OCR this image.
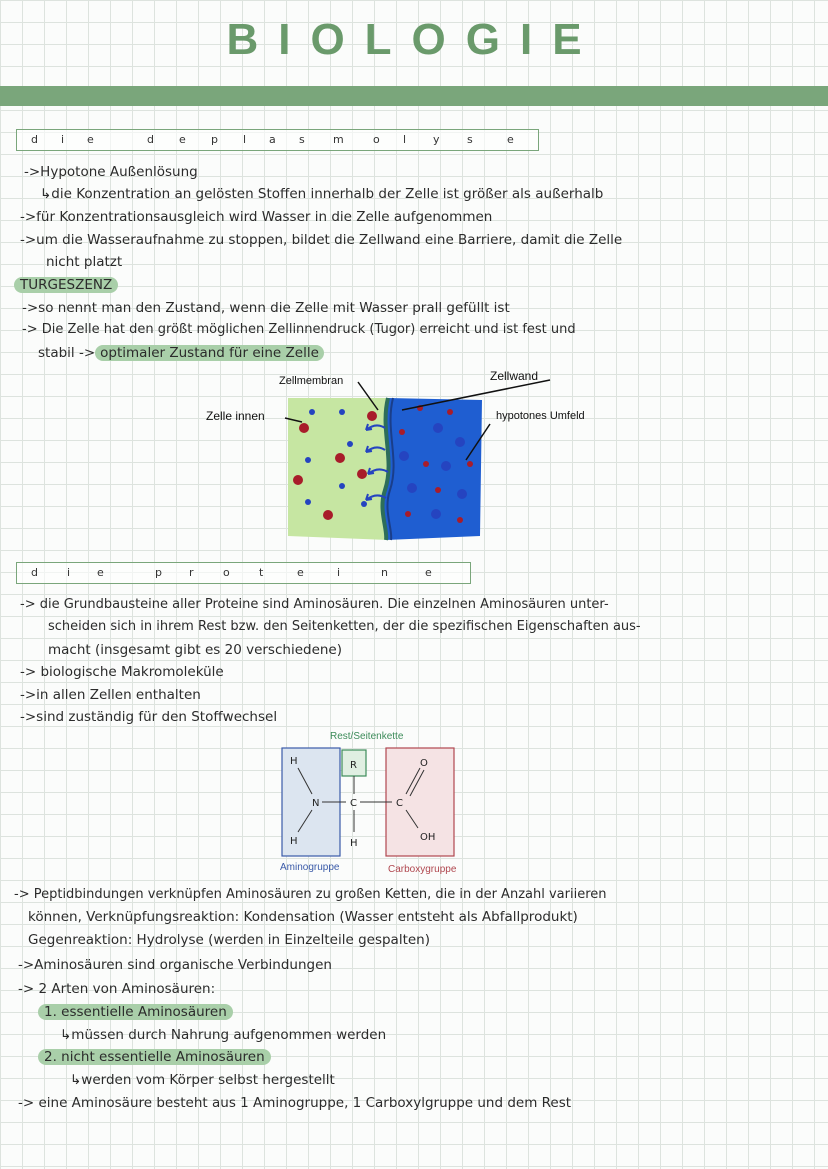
BIOLOGIE
d i e	d e p l a s	m	o l y s	e
->Hypotone Außenlösung
↳die Konzentration an gelösten Stoffen innerhalb der Zelle ist größer als außerhalb
->für Konzentrationsausgleich wird Wasser in die Zelle aufgenommen
->um die Wasseraufnahme zu stoppen, bildet die Zellwand eine Barriere, damit die Zelle
nicht platzt
TURGESZENZ
->so nennt man den Zustand, wenn die Zelle mit Wasser prall gefüllt ist
-> Die Zelle hat den größt möglichen Zellinnendruck (Tugor) erreicht und ist fest und
stabil -> optimaler Zustand für eine Zelle
Zellmembran	Zellwand
Zelle innen	hypotones Umfeld
d	i e	p r	o	t	e	i	n	e
-> die Grundbausteine aller Proteine sind Aminosäuren. Die einzelnen Aminosäuren unter-
scheiden sich in ihrem Rest bzw. den Seitenketten, der die spezifischen Eigenschaften aus-
macht (insgesamt gibt es 20 verschiedene)
-> biologische Makromoleküle
->in allen Zellen enthalten
->sind zuständig für den Stoffwechsel
Rest/Seitenkette
H
N
H
R
C
H
C
O
OH
Aminogruppe	Carboxygruppe
-> Peptidbindungen verknüpfen Aminosäuren zu großen Ketten, die in der Anzahl variieren
können, Verknüpfungsreaktion: Kondensation (Wasser entsteht als Abfallprodukt)
Gegenreaktion: Hydrolyse (werden in Einzelteile gespalten)
->Aminosäuren sind organische Verbindungen
-> 2 Arten von Aminosäuren:
1. essentielle Aminosäuren
↳müssen durch Nahrung aufgenommen werden
2. nicht essentielle Aminosäuren
↳werden vom Körper selbst hergestellt
-> eine Aminosäure besteht aus 1 Aminogruppe, 1 Carboxylgruppe und dem Rest
